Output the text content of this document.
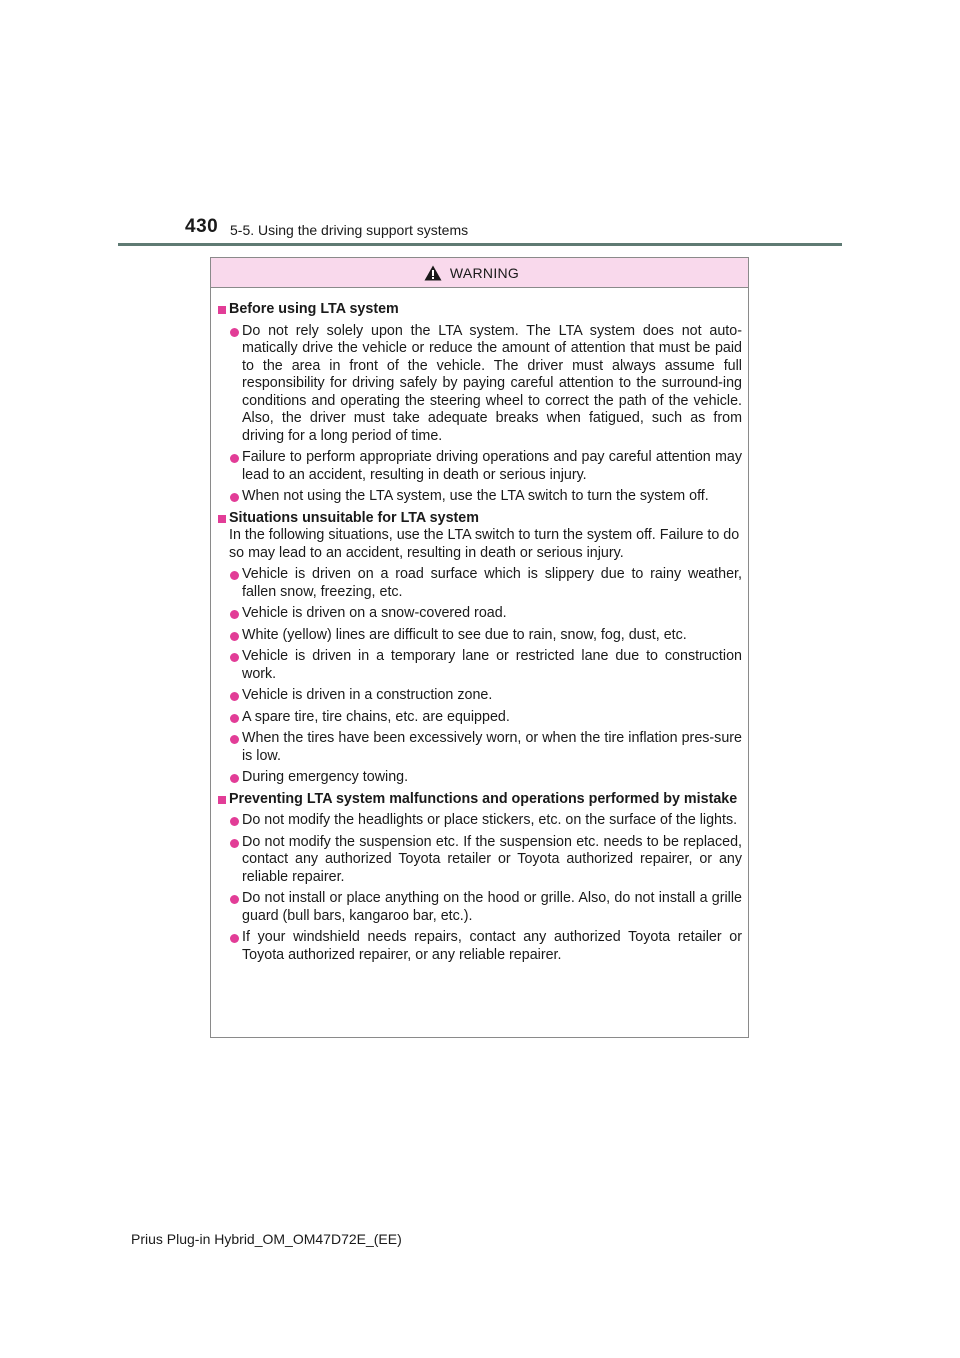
430 5-5. Using the driving support systems
WARNING
Before using LTA system
Do not rely solely upon the LTA system. The LTA system does not auto-matically drive the vehicle or reduce the amount of attention that must be paid to the area in front of the vehicle. The driver must always assume full responsibility for driving safely by paying careful attention to the surround-ing conditions and operating the steering wheel to correct the path of the vehicle. Also, the driver must take adequate breaks when fatigued, such as from driving for a long period of time.
Failure to perform appropriate driving operations and pay careful attention may lead to an accident, resulting in death or serious injury.
When not using the LTA system, use the LTA switch to turn the system off.
Situations unsuitable for LTA system
In the following situations, use the LTA switch to turn the system off. Failure to do so may lead to an accident, resulting in death or serious injury.
Vehicle is driven on a road surface which is slippery due to rainy weather, fallen snow, freezing, etc.
Vehicle is driven on a snow-covered road.
White (yellow) lines are difficult to see due to rain, snow, fog, dust, etc.
Vehicle is driven in a temporary lane or restricted lane due to construction work.
Vehicle is driven in a construction zone.
A spare tire, tire chains, etc. are equipped.
When the tires have been excessively worn, or when the tire inflation pres-sure is low.
During emergency towing.
Preventing LTA system malfunctions and operations performed by mistake
Do not modify the headlights or place stickers, etc. on the surface of the lights.
Do not modify the suspension etc. If the suspension etc. needs to be replaced, contact any authorized Toyota retailer or Toyota authorized repairer, or any reliable repairer.
Do not install or place anything on the hood or grille. Also, do not install a grille guard (bull bars, kangaroo bar, etc.).
If your windshield needs repairs, contact any authorized Toyota retailer or Toyota authorized repairer, or any reliable repairer.
Prius Plug-in Hybrid_OM_OM47D72E_(EE)
